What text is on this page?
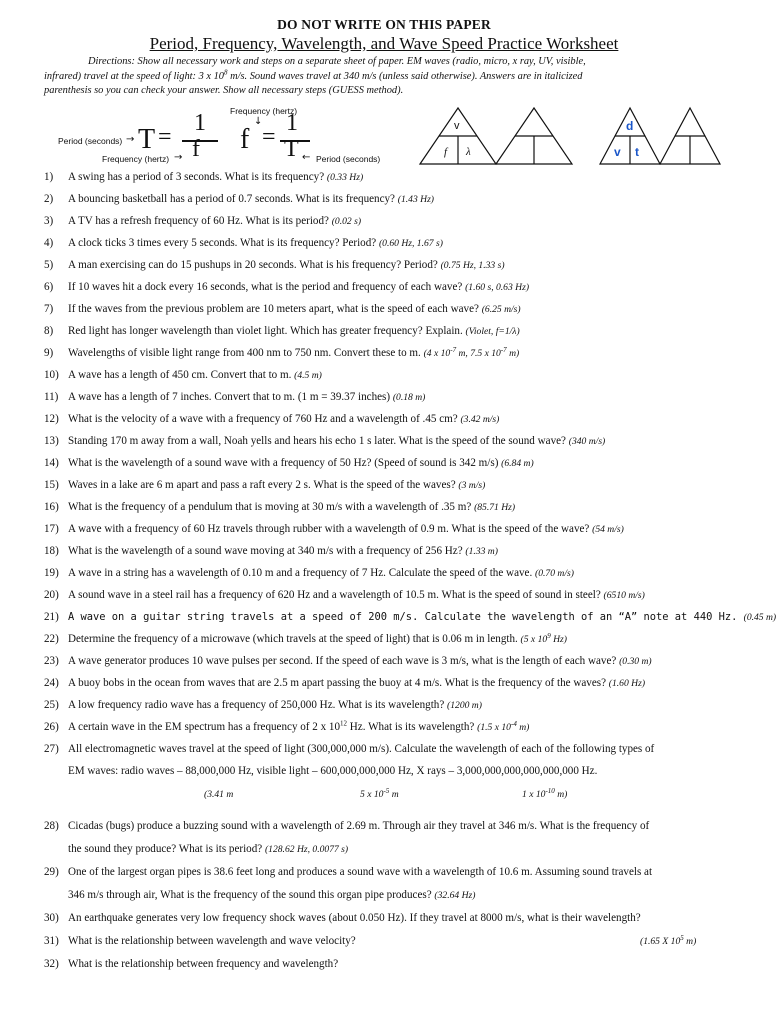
DO NOT WRITE ON THIS PAPER
Period, Frequency, Wavelength, and Wave Speed Practice Worksheet
Directions: Show all necessary work and steps on a separate sheet of paper. EM waves (radio, micro, x ray, UV, visible,
infrared) travel at the speed of light: 3 x $10^8$ m/s. Sound waves travel at 340 m/s (unless said otherwise). Answers are in italicized
parenthesis so you can check your answer. Show all necessary steps (GUESS method).
Frequency (hertz)
↓
Period (seconds) → T =
1
f
Frequency (hertz) →
f =
1
T ← Period (seconds)
v
f λ
d
v t
1)	A swing has a period of 3 seconds. What is its frequency? (0.33 Hz)
2)	A bouncing basketball has a period of 0.7 seconds. What is its frequency? (1.43 Hz)
3)	A TV has a refresh frequency of 60 Hz. What is its period? (0.02 s)
4)	A clock ticks 3 times every 5 seconds. What is its frequency? Period? (0.60 Hz, 1.67 s)
5)	A man exercising can do 15 pushups in 20 seconds. What is his frequency? Period? (0.75 Hz, 1.33 s)
6)	If 10 waves hit a dock every 16 seconds, what is the period and frequency of each wave? (1.60 s, 0.63 Hz)
7)	If the waves from the previous problem are 10 meters apart, what is the speed of each wave? (6.25 m/s)
8)	Red light has longer wavelength than violet light. Which has greater frequency? Explain. (Violet, f=1/λ)
9)	Wavelengths of visible light range from 400 nm to 750 nm. Convert these to m. (4 x $10^{-7}$ m, 7.5 x $10^{-7}$ m)
10) A wave has a length of 450 cm. Convert that to m. (4.5 m)
11) A wave has a length of 7 inches. Convert that to m. (1 m = 39.37 inches) (0.18 m)
12) What is the velocity of a wave with a frequency of 760 Hz and a wavelength of .45 cm? (3.42 m/s)
13) Standing 170 m away from a wall, Noah yells and hears his echo 1 s later. What is the speed of the sound wave? (340 m/s)
14) What is the wavelength of a sound wave with a frequency of 50 Hz? (Speed of sound is 342 m/s) (6.84 m)
15) Waves in a lake are 6 m apart and pass a raft every 2 s. What is the speed of the waves? (3 m/s)
16) What is the frequency of a pendulum that is moving at 30 m/s with a wavelength of .35 m? (85.71 Hz)
17) A wave with a frequency of 60 Hz travels through rubber with a wavelength of 0.9 m. What is the speed of the wave? (54 m/s)
18) What is the wavelength of a sound wave moving at 340 m/s with a frequency of 256 Hz? (1.33 m)
19) A wave in a string has a wavelength of 0.10 m and a frequency of 7 Hz. Calculate the speed of the wave. (0.70 m/s)
20) A sound wave in a steel rail has a frequency of 620 Hz and a wavelength of 10.5 m. What is the speed of sound in steel? (6510 m/s)
21) A wave on a guitar string travels at a speed of 200 m/s. Calculate the wavelength of an “A” note at 440 Hz. (0.45 m)
22) Determine the frequency of a microwave (which travels at the speed of light) that is 0.06 m in length. (5 x $10^9$ Hz)
23) A wave generator produces 10 wave pulses per second. If the speed of each wave is 3 m/s, what is the length of each wave? (0.30 m)
24) A buoy bobs in the ocean from waves that are 2.5 m apart passing the buoy at 4 m/s. What is the frequency of the waves? (1.60 Hz)
25) A low frequency radio wave has a frequency of 250,000 Hz. What is its wavelength? (1200 m)
26) A certain wave in the EM spectrum has a frequency of 2 x $10^{12}$ Hz. What is its wavelength? (1.5 x $10^{-4}$ m)
27) All electromagnetic waves travel at the speed of light (300,000,000 m/s). Calculate the wavelength of each of the following types of
EM waves: radio waves – 88,000,000 Hz, visible light – 600,000,000,000 Hz, X rays – 3,000,000,000,000,000,000 Hz.
(3.41 m	5 x $10^{-5}$ m	1 x $10^{-10}$ m)
28) Cicadas (bugs) produce a buzzing sound with a wavelength of 2.69 m. Through air they travel at 346 m/s. What is the frequency of
the sound they produce? What is its period? (128.62 Hz, 0.0077 s)
29) One of the largest organ pipes is 38.6 feet long and produces a sound wave with a wavelength of 10.6 m. Assuming sound travels at
346 m/s through air, What is the frequency of the sound this organ pipe produces? (32.64 Hz)
30) An earthquake generates very low frequency shock waves (about 0.050 Hz). If they travel at 8000 m/s, what is their wavelength?
31) What is the relationship between wavelength and wave velocity?	(1.65 X $10^5$ m)
32) What is the relationship between frequency and wavelength?
